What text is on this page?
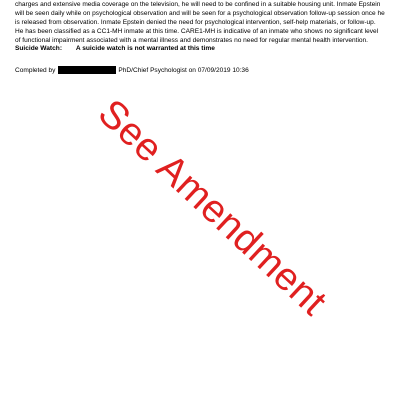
charges and extensive media coverage on the television, he will need to be confined in a suitable housing unit. Inmate Epstein
will be seen daily while on psychological observation and will be seen for a psychological observation follow-up session once he
is released from observation. Inmate Epstein denied the need for psychological intervention, self-help materials, or follow-up.
He has been classified as a CC1-MH inmate at this time. CARE1-MH is indicative of an inmate who shows no significant level
of functional impairment associated with a mental illness and demonstrates no need for regular mental health intervention.
Suicide Watch: A suicide watch is not warranted at this time
Completed by	PhD/Chief Psychologist on 07/09/2019 10:36
See Amendment
